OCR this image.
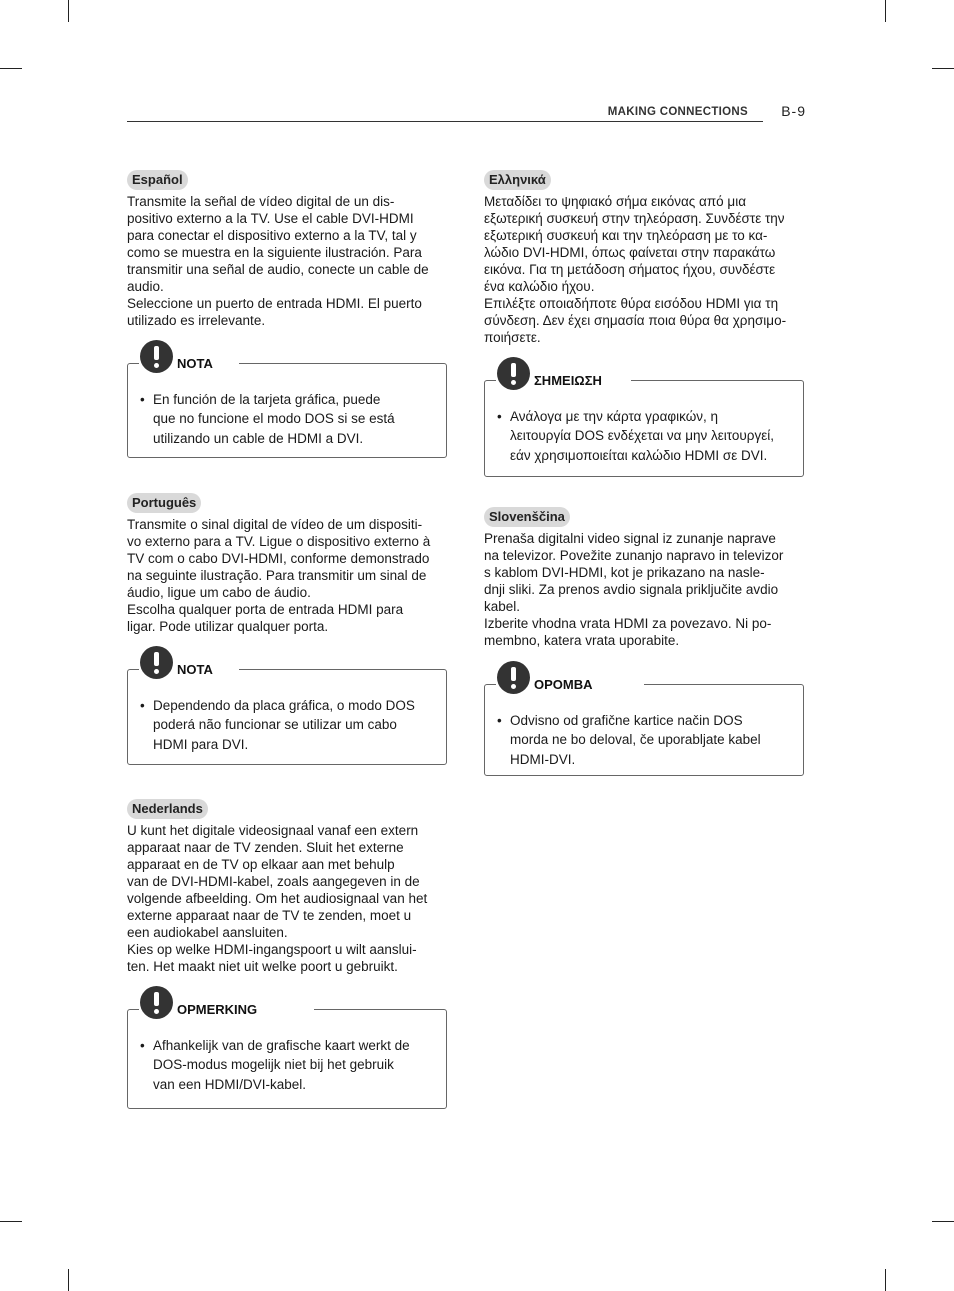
MAKING CONNECTIONS B-9
Español

Transmite la señal de vídeo digital de un dis-
positivo externo a la TV. Use el cable DVI-HDMI
para conectar el dispositivo externo a la TV, tal y
como se muestra en la siguiente ilustración. Para
transmitir una señal de audio, conecte un cable de
audio.

Seleccione un puerto de entrada HDMI. El puerto
utilizado es irrelevante.

NOTA
• En función de la tarjeta gráfica, puede
que no funcione el modo DOS si se está
utilizando un cable de HDMI a DVI.
Português

Transmite o sinal digital de vídeo de um dispositi-
vo externo para a TV. Ligue o dispositivo externo à
TV com o cabo DVI-HDMI, conforme demonstrado
na seguinte ilustração. Para transmitir um sinal de
áudio, ligue um cabo de áudio.

Escolha qualquer porta de entrada HDMI para
ligar. Pode utilizar qualquer porta.

NOTA
• Dependendo da placa gráfica, o modo DOS
poderá não funcionar se utilizar um cabo
HDMI para DVI.
Nederlands

U kunt het digitale videosignaal vanaf een extern
apparaat naar de TV zenden. Sluit het externe
apparaat en de TV op elkaar aan met behulp
van de DVI-HDMI-kabel, zoals aangegeven in de
volgende afbeelding. Om het audiosignaal van het
externe apparaat naar de TV te zenden, moet u
een audiokabel aansluiten.

Kies op welke HDMI-ingangspoort u wilt aanslui-
ten. Het maakt niet uit welke poort u gebruikt.

OPMERKING
• Afhankelijk van de grafische kaart werkt de
DOS-modus mogelijk niet bij het gebruik
van een HDMI/DVI-kabel.
Ελληνικά

Μεταδίδει το ψηφιακό σήμα εικόνας από μια
εξωτερική συσκευή στην τηλεόραση. Συνδέστε την
εξωτερική συσκευή και την τηλεόραση με το κα-
λώδιο DVI-HDMI, όπως φαίνεται στην παρακάτω
εικόνα. Για τη μετάδοση σήματος ήχου, συνδέστε
ένα καλώδιο ήχου.

Επιλέξτε οποιαδήποτε θύρα εισόδου HDMI για τη
σύνδεση. Δεν έχει σημασία ποια θύρα θα χρησιμο-
ποιήσετε.

ΣΗΜΕΙΩΣΗ
• Ανάλογα με την κάρτα γραφικών, η
λειτουργία DOS ενδέχεται να μην λειτουργεί,
εάν χρησιμοποιείται καλώδιο HDMI σε DVI.
Slovenščina

Prenaša digitalni video signal iz zunanje naprave
na televizor. Povežite zunanjo napravo in televizor
s kablom DVI-HDMI, kot je prikazano na nasle-
dnji sliki. Za prenos avdio signala priključite avdio
kabel.

Izberite vhodna vrata HDMI za povezavo. Ni po-
membno, katera vrata uporabite.

OPOMBA
• Odvisno od grafične kartice način DOS
morda ne bo deloval, če uporabljate kabel
HDMI-DVI.
